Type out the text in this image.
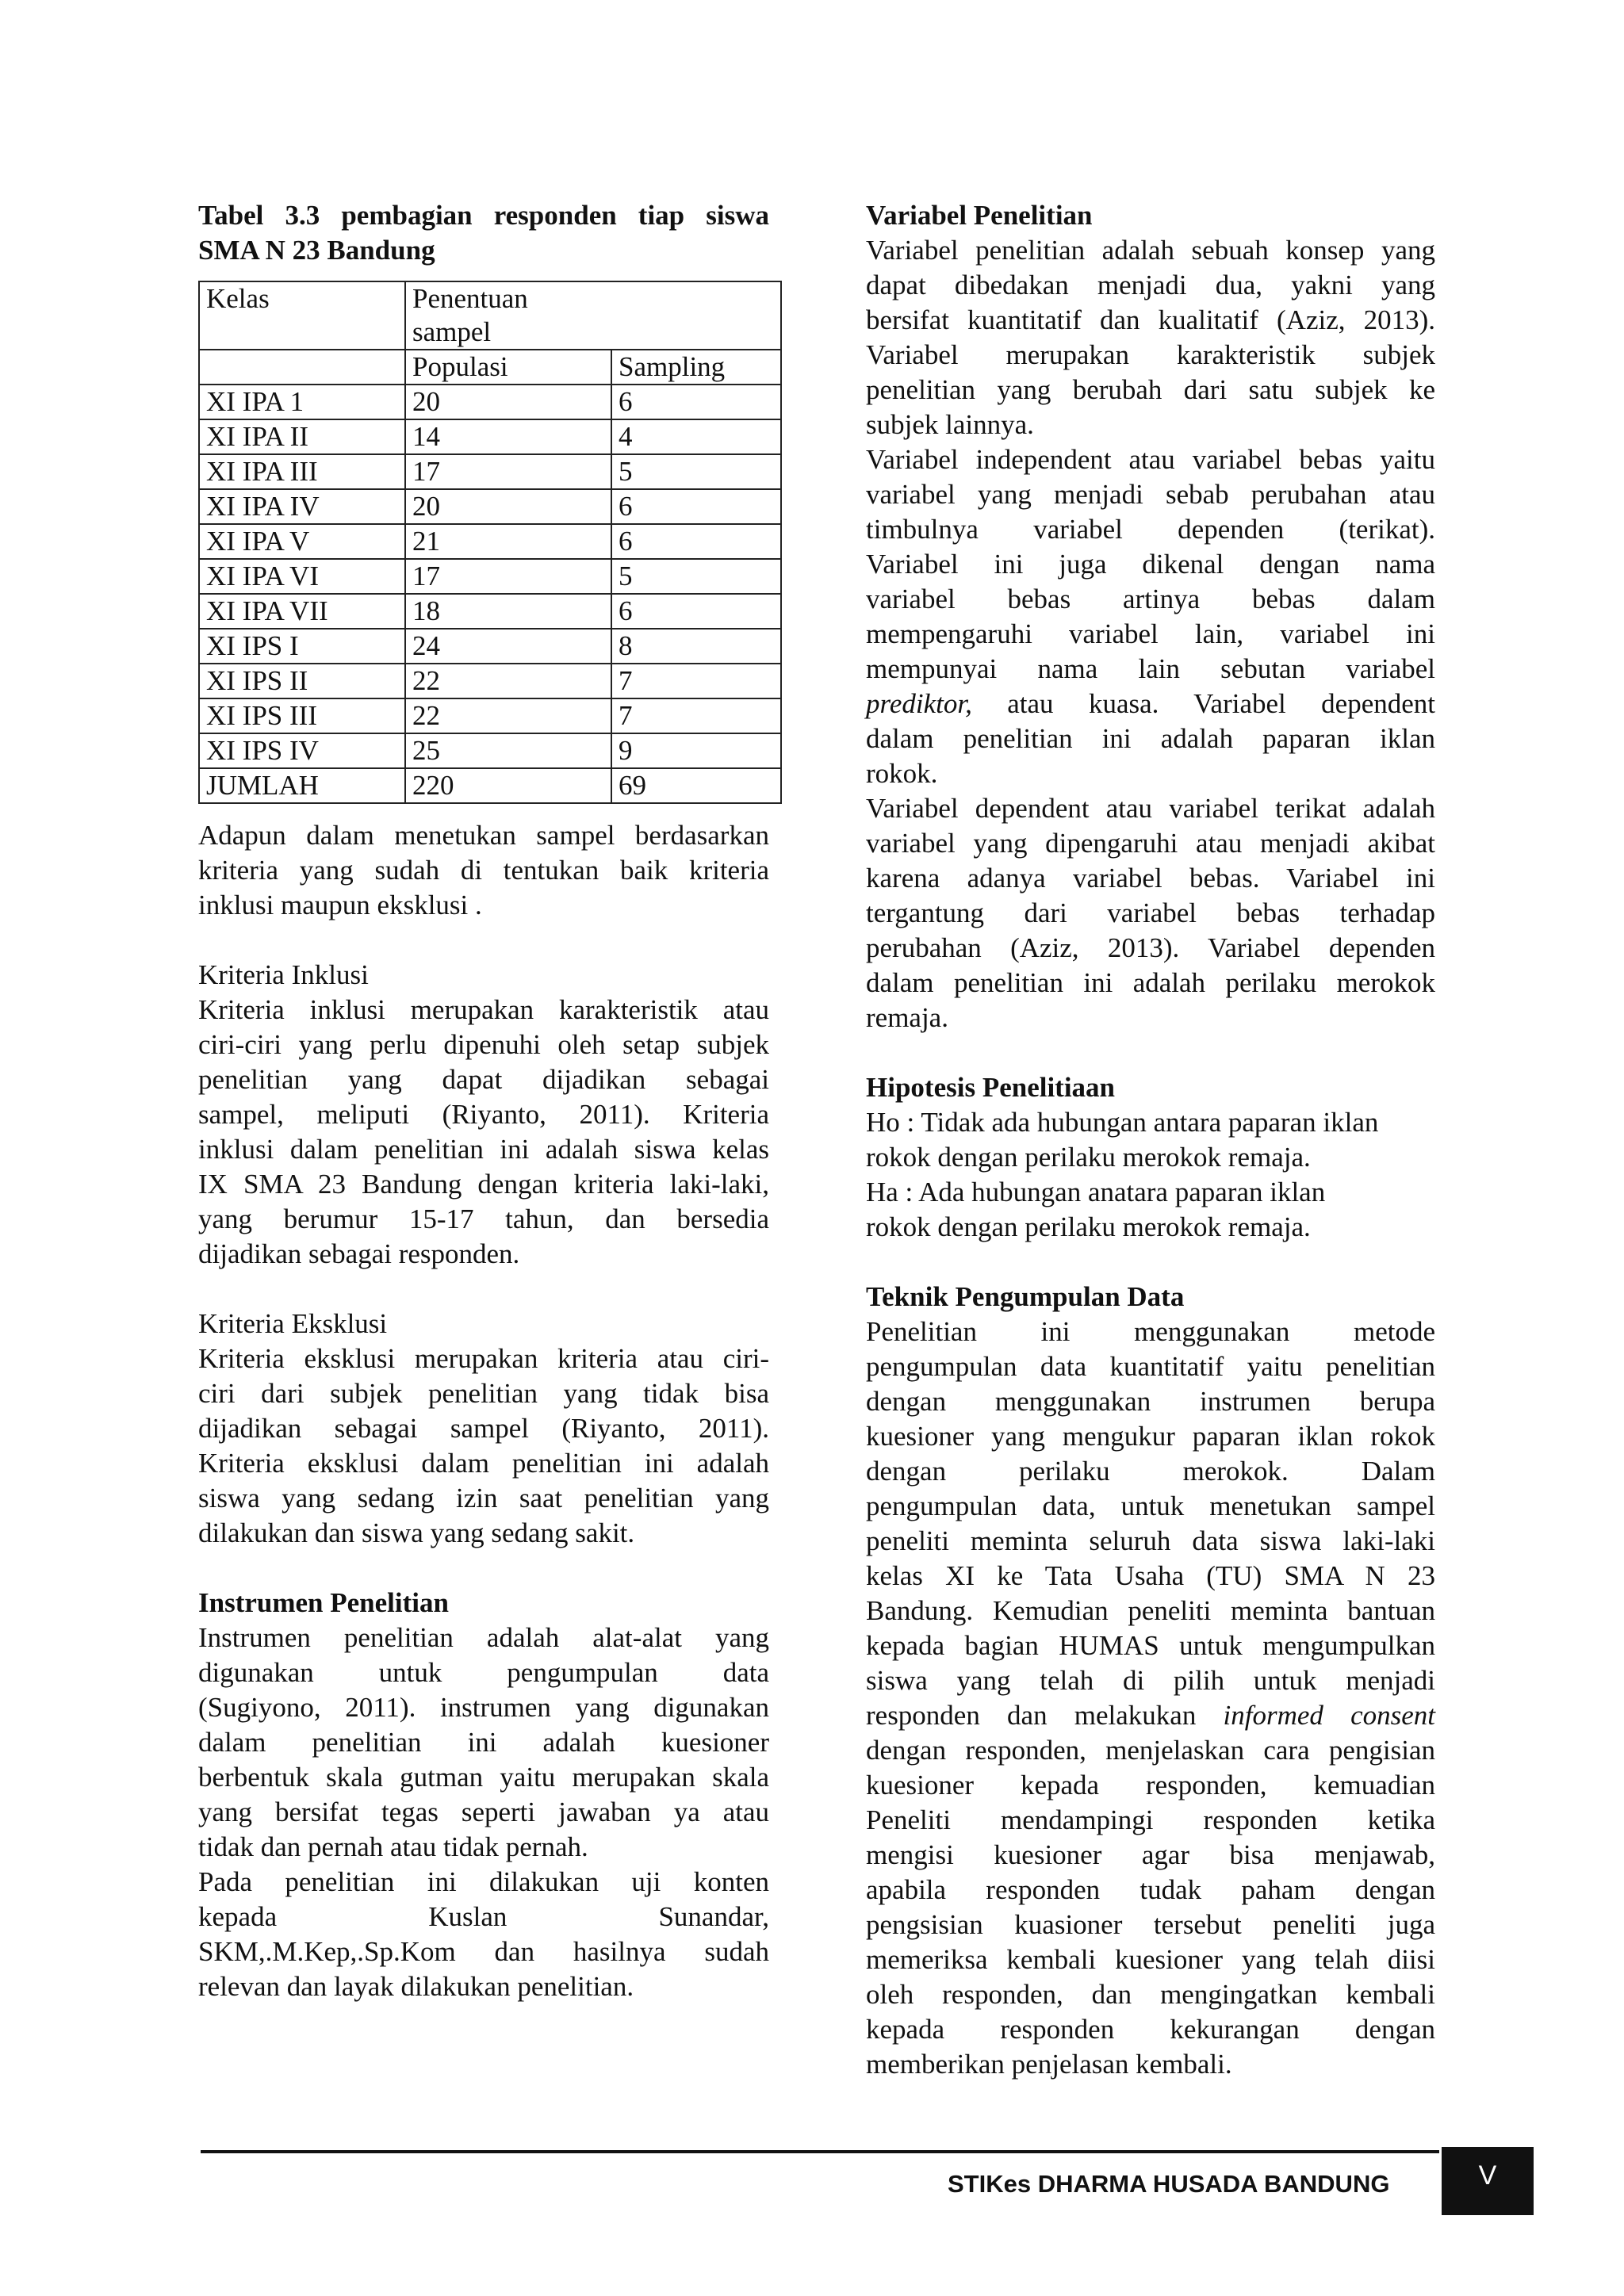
Tabel 3.3 pembagian responden tiap siswa

SMA N 23 Bandung

Kelas	Penentuan
sampel	

	Populasi	Sampling
XI IPA 1	20	6
XI IPA II	14	4
XI IPA III	17	5
XI IPA IV	20	6
XI IPA V	21	6
XI IPA VI	17	5
XI IPA VII	18	6
XI IPS I	24	8
XI IPS II	22	7
XI IPS III	22	7
XI IPS IV	25	9
JUMLAH	220	69

Adapun dalam menetukan sampel berdasarkan

kriteria yang sudah di tentukan baik kriteria

inklusi maupun eksklusi .

Kriteria Inklusi

Kriteria inklusi merupakan karakteristik atau

ciri-ciri yang perlu dipenuhi oleh setap subjek

penelitian yang dapat dijadikan sebagai

sampel, meliputi (Riyanto, 2011). Kriteria

inklusi dalam penelitian ini adalah siswa kelas

IX SMA 23 Bandung dengan kriteria laki-laki,

yang berumur 15-17 tahun, dan bersedia

dijadikan sebagai responden.

Kriteria Eksklusi

Kriteria eksklusi merupakan kriteria atau ciri-

ciri dari subjek penelitian yang tidak bisa

dijadikan sebagai sampel (Riyanto, 2011).

Kriteria eksklusi dalam penelitian ini adalah

siswa yang sedang izin saat penelitian yang

dilakukan dan siswa yang sedang sakit.

Instrumen Penelitian

Instrumen penelitian adalah alat-alat yang

digunakan untuk pengumpulan data

(Sugiyono, 2011). instrumen yang digunakan

dalam penelitian ini adalah kuesioner

berbentuk skala gutman yaitu merupakan skala

yang bersifat tegas seperti jawaban ya atau

tidak dan pernah atau tidak pernah.

Pada penelitian ini dilakukan uji konten

kepada Kuslan Sunandar,

SKM,.M.Kep,.Sp.Kom dan hasilnya sudah

relevan dan layak dilakukan penelitian.

Variabel Penelitian

Variabel penelitian adalah sebuah konsep yang

dapat dibedakan menjadi dua, yakni yang

bersifat kuantitatif dan kualitatif (Aziz, 2013).

Variabel merupakan karakteristik subjek

penelitian yang berubah dari satu subjek ke

subjek lainnya.

Variabel independent atau variabel bebas yaitu

variabel yang menjadi sebab perubahan atau

timbulnya variabel dependen (terikat).

Variabel ini juga dikenal dengan nama

variabel bebas artinya bebas dalam

mempengaruhi variabel lain, variabel ini

mempunyai nama lain sebutan variabel

prediktor, atau kuasa. Variabel dependent

dalam penelitian ini adalah paparan iklan

rokok.

Variabel dependent atau variabel terikat adalah

variabel yang dipengaruhi atau menjadi akibat

karena adanya variabel bebas. Variabel ini

tergantung dari variabel bebas terhadap

perubahan (Aziz, 2013). Variabel dependen

dalam penelitian ini adalah perilaku merokok

remaja.

Hipotesis Penelitiaan

Ho : Tidak ada hubungan antara paparan iklan

rokok dengan perilaku merokok remaja.

Ha : Ada hubungan anatara paparan iklan

rokok dengan perilaku merokok remaja.

Teknik Pengumpulan Data

Penelitian ini menggunakan metode

pengumpulan data kuantitatif yaitu penelitian

dengan menggunakan instrumen berupa

kuesioner yang mengukur paparan iklan rokok

dengan perilaku merokok. Dalam

pengumpulan data, untuk menetukan sampel

peneliti meminta seluruh data siswa laki-laki

kelas XI ke Tata Usaha (TU) SMA N 23

Bandung. Kemudian peneliti meminta bantuan

kepada bagian HUMAS untuk mengumpulkan

siswa yang telah di pilih untuk menjadi

responden dan melakukan informed consent

dengan responden, menjelaskan cara pengisian

kuesioner kepada responden, kemuadian

Peneliti mendampingi responden ketika

mengisi kuesioner agar bisa menjawab,

apabila responden tudak paham dengan

pengsisian kuasioner tersebut peneliti juga

memeriksa kembali kuesioner yang telah diisi

oleh responden, dan mengingatkan kembali

kepada responden kekurangan dengan

memberikan penjelasan kembali.

STIKes DHARMA HUSADA BANDUNG	V
